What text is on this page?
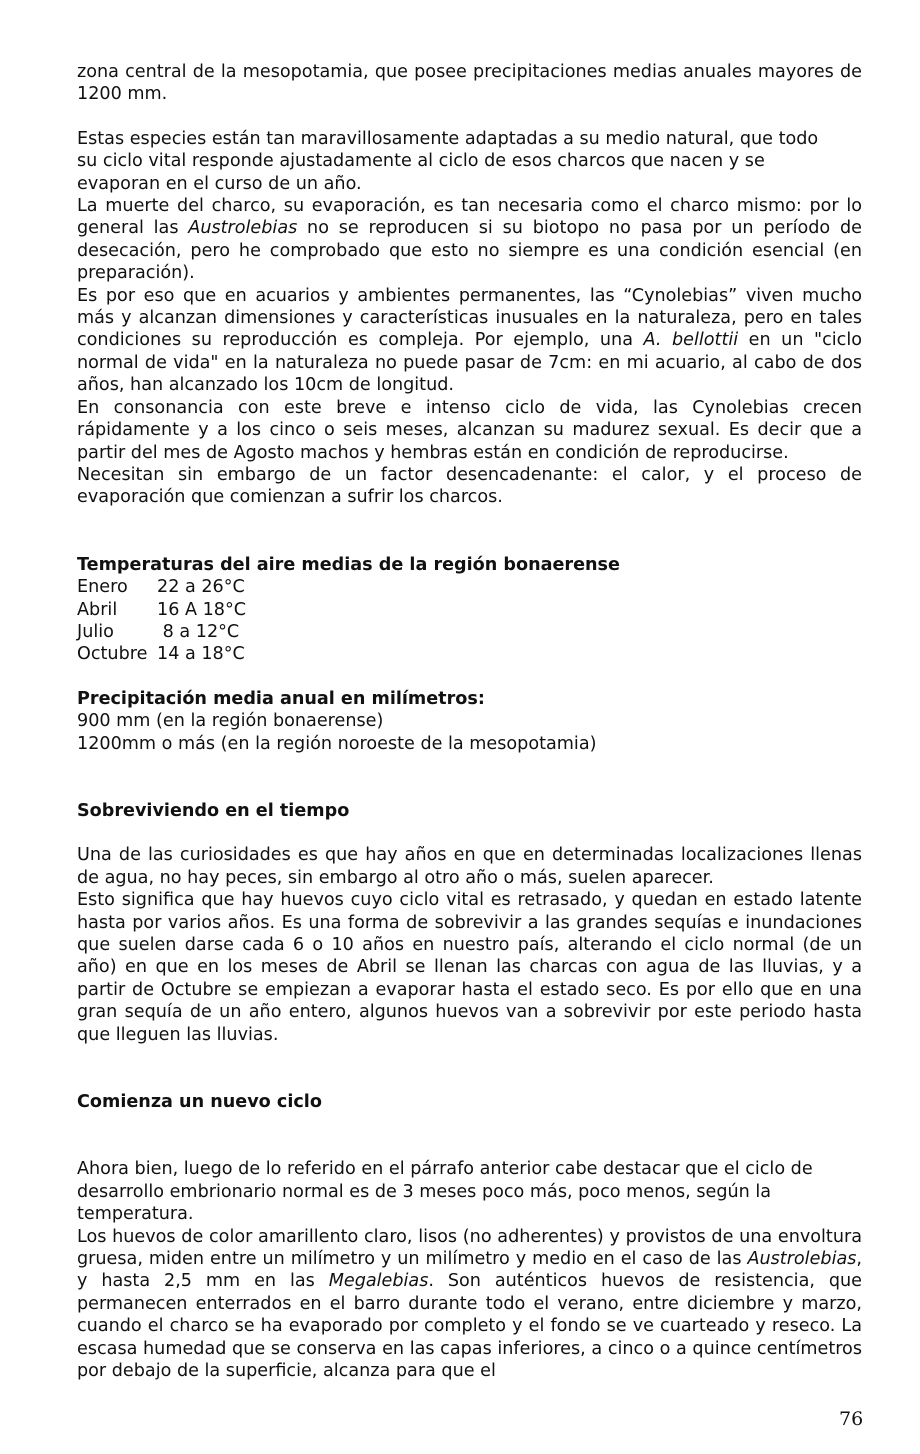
zona central de la mesopotamia, que posee precipitaciones medias anuales mayores de 1200 mm.

Estas especies están tan maravillosamente adaptadas a su medio natural, que todo
su ciclo vital responde ajustadamente al ciclo de esos charcos que nacen y se
evaporan en el curso de un año.

La muerte del charco, su evaporación, es tan necesaria como el charco mismo: por lo general las Austrolebias no se reproducen si su biotopo no pasa por un período de desecación, pero he comprobado que esto no siempre es una condición esencial (en preparación).

Es por eso que en acuarios y ambientes permanentes, las “Cynolebias” viven mucho más y alcanzan dimensiones y características inusuales en la naturaleza, pero en tales condiciones su reproducción es compleja. Por ejemplo, una A. bellottii en un "ciclo normal de vida" en la naturaleza no puede pasar de 7cm: en mi acuario, al cabo de dos años, han alcanzado los 10cm de longitud.

En consonancia con este breve e intenso ciclo de vida, las Cynolebias crecen rápidamente y a los cinco o seis meses, alcanzan su madurez sexual. Es decir que a partir del mes de Agosto machos y hembras están en condición de reproducirse.

Necesitan sin embargo de un factor desencadenante: el calor, y el proceso de evaporación que comienzan a sufrir los charcos.

Temperaturas del aire medias de la región bonaerense

Enero	22 a 26°C
Abril	16 A 18°C
Julio	8 a 12°C
Octubre 14 a 18°C

Precipitación media anual en milímetros:

900 mm (en la región bonaerense)
1200mm o más (en la región noroeste de la mesopotamia)

Sobreviviendo en el tiempo

Una de las curiosidades es que hay años en que en determinadas localizaciones llenas de agua, no hay peces, sin embargo al otro año o más, suelen aparecer.

Esto significa que hay huevos cuyo ciclo vital es retrasado, y quedan en estado latente hasta por varios años. Es una forma de sobrevivir a las grandes sequías e inundaciones que suelen darse cada 6 o 10 años en nuestro país, alterando el ciclo normal (de un año) en que en los meses de Abril se llenan las charcas con agua de las lluvias, y a partir de Octubre se empiezan a evaporar hasta el estado seco. Es por ello que en una gran sequía de un año entero, algunos huevos van a sobrevivir por este periodo hasta que lleguen las lluvias.

Comienza un nuevo ciclo

Ahora bien, luego de lo referido en el párrafo anterior cabe destacar que el ciclo de
desarrollo embrionario normal es de 3 meses poco más, poco menos, según la
temperatura.

Los huevos de color amarillento claro, lisos (no adherentes) y provistos de una envoltura gruesa, miden entre un milímetro y un milímetro y medio en el caso de las Austrolebias, y hasta 2,5 mm en las Megalebias. Son auténticos huevos de resistencia, que permanecen enterrados en el barro durante todo el verano, entre diciembre y marzo, cuando el charco se ha evaporado por completo y el fondo se ve cuarteado y reseco. La escasa humedad que se conserva en las capas inferiores, a cinco o a quince centímetros por debajo de la superficie, alcanza para que el

76
